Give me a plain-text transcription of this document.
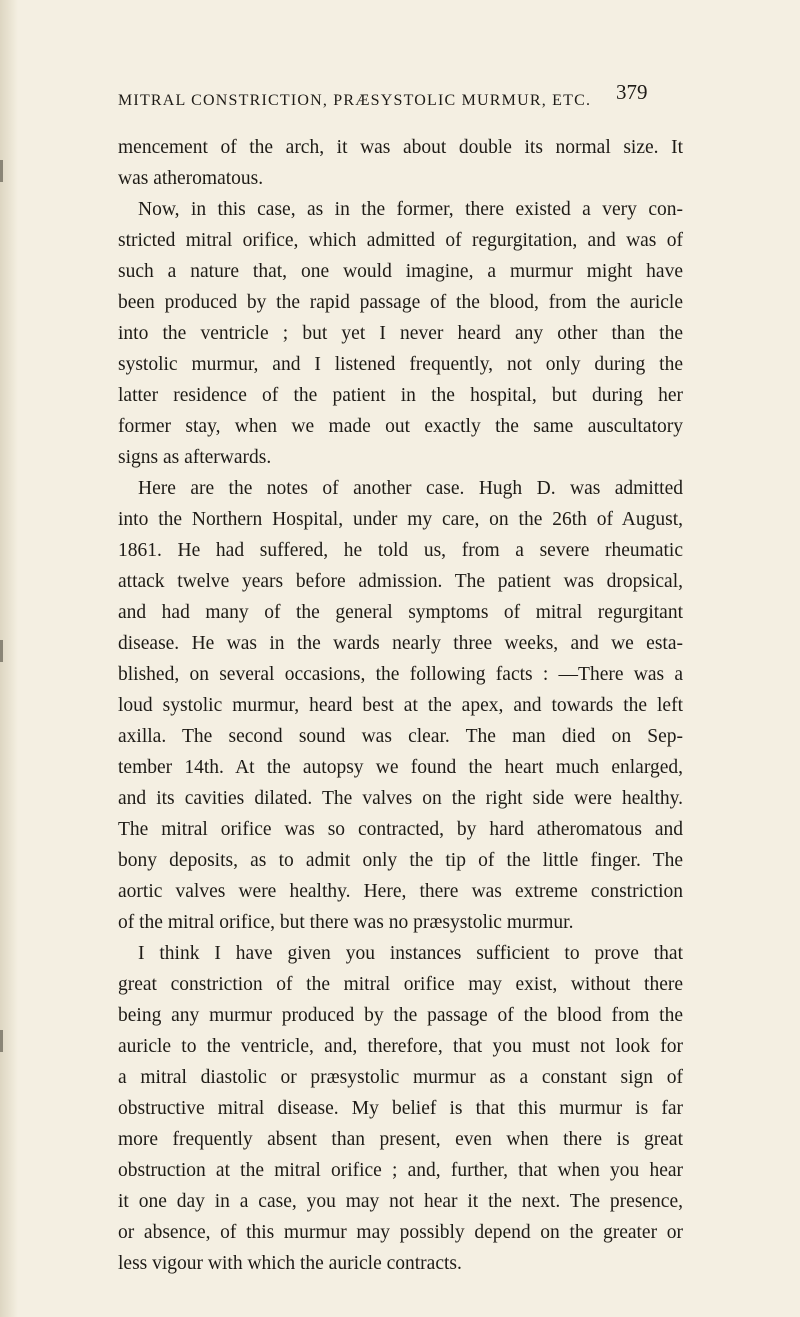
MITRAL CONSTRICTION, PRÆSYSTOLIC MURMUR, ETC. 379
mencement of the arch, it was about double its normal size. It
was atheromatous.
Now, in this case, as in the former, there existed a very con-
stricted mitral orifice, which admitted of regurgitation, and was of
such a nature that, one would imagine, a murmur might have
been produced by the rapid passage of the blood, from the auricle
into the ventricle ; but yet I never heard any other than the
systolic murmur, and I listened frequently, not only during the
latter residence of the patient in the hospital, but during her
former stay, when we made out exactly the same auscultatory
signs as afterwards.
Here are the notes of another case. Hugh D. was admitted
into the Northern Hospital, under my care, on the 26th of August,
1861. He had suffered, he told us, from a severe rheumatic
attack twelve years before admission. The patient was dropsical,
and had many of the general symptoms of mitral regurgitant
disease. He was in the wards nearly three weeks, and we esta-
blished, on several occasions, the following facts : —There was a
loud systolic murmur, heard best at the apex, and towards the left
axilla. The second sound was clear. The man died on Sep-
tember 14th. At the autopsy we found the heart much enlarged,
and its cavities dilated. The valves on the right side were healthy.
The mitral orifice was so contracted, by hard atheromatous and
bony deposits, as to admit only the tip of the little finger. The
aortic valves were healthy. Here, there was extreme constriction
of the mitral orifice, but there was no præsystolic murmur.
I think I have given you instances sufficient to prove that
great constriction of the mitral orifice may exist, without there
being any murmur produced by the passage of the blood from the
auricle to the ventricle, and, therefore, that you must not look for
a mitral diastolic or præsystolic murmur as a constant sign of
obstructive mitral disease. My belief is that this murmur is far
more frequently absent than present, even when there is great
obstruction at the mitral orifice ; and, further, that when you hear
it one day in a case, you may not hear it the next. The presence,
or absence, of this murmur may possibly depend on the greater or
less vigour with which the auricle contracts.
